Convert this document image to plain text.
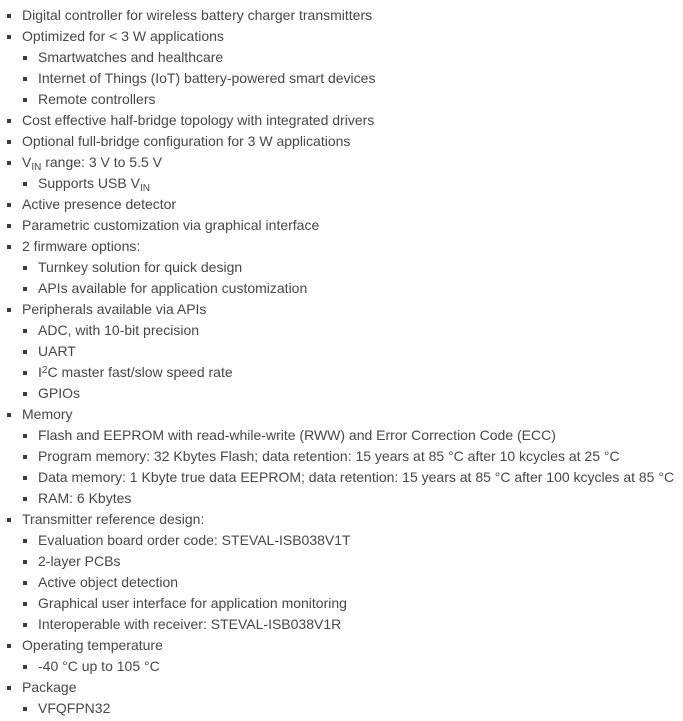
▪ Digital controller for wireless battery charger transmitters
▪ Optimized for < 3 W applications
▪ Smartwatches and healthcare
▪ Internet of Things (IoT) battery-powered smart devices
▪ Remote controllers
▪ Cost effective half-bridge topology with integrated drivers
▪ Optional full-bridge configuration for 3 W applications
▪ $V_{IN}$ range: 3 V to 5.5 V
▪ Supports USB $V_{IN}$
▪ Active presence detector
▪ Parametric customization via graphical interface
▪ 2 firmware options:
▪ Turnkey solution for quick design
▪ APIs available for application customization
▪ Peripherals available via APIs
▪ ADC, with 10-bit precision
▪ UART
▪ $I^2C$ master fast/slow speed rate
▪ GPIOs
▪ Memory
▪ Flash and EEPROM with read-while-write (RWW) and Error Correction Code (ECC)
▪ Program memory: 32 Kbytes Flash; data retention: 15 years at 85 °C after 10 kcycles at 25 °C
▪ Data memory: 1 Kbyte true data EEPROM; data retention: 15 years at 85 °C after 100 kcycles at 85 °C
▪ RAM: 6 Kbytes
▪ Transmitter reference design:
▪ Evaluation board order code: STEVAL-ISB038V1T
▪ 2-layer PCBs
▪ Active object detection
▪ Graphical user interface for application monitoring
▪ Interoperable with receiver: STEVAL-ISB038V1R
▪ Operating temperature
▪ -40 °C up to 105 °C
▪ Package
▪ VFQFPN32
